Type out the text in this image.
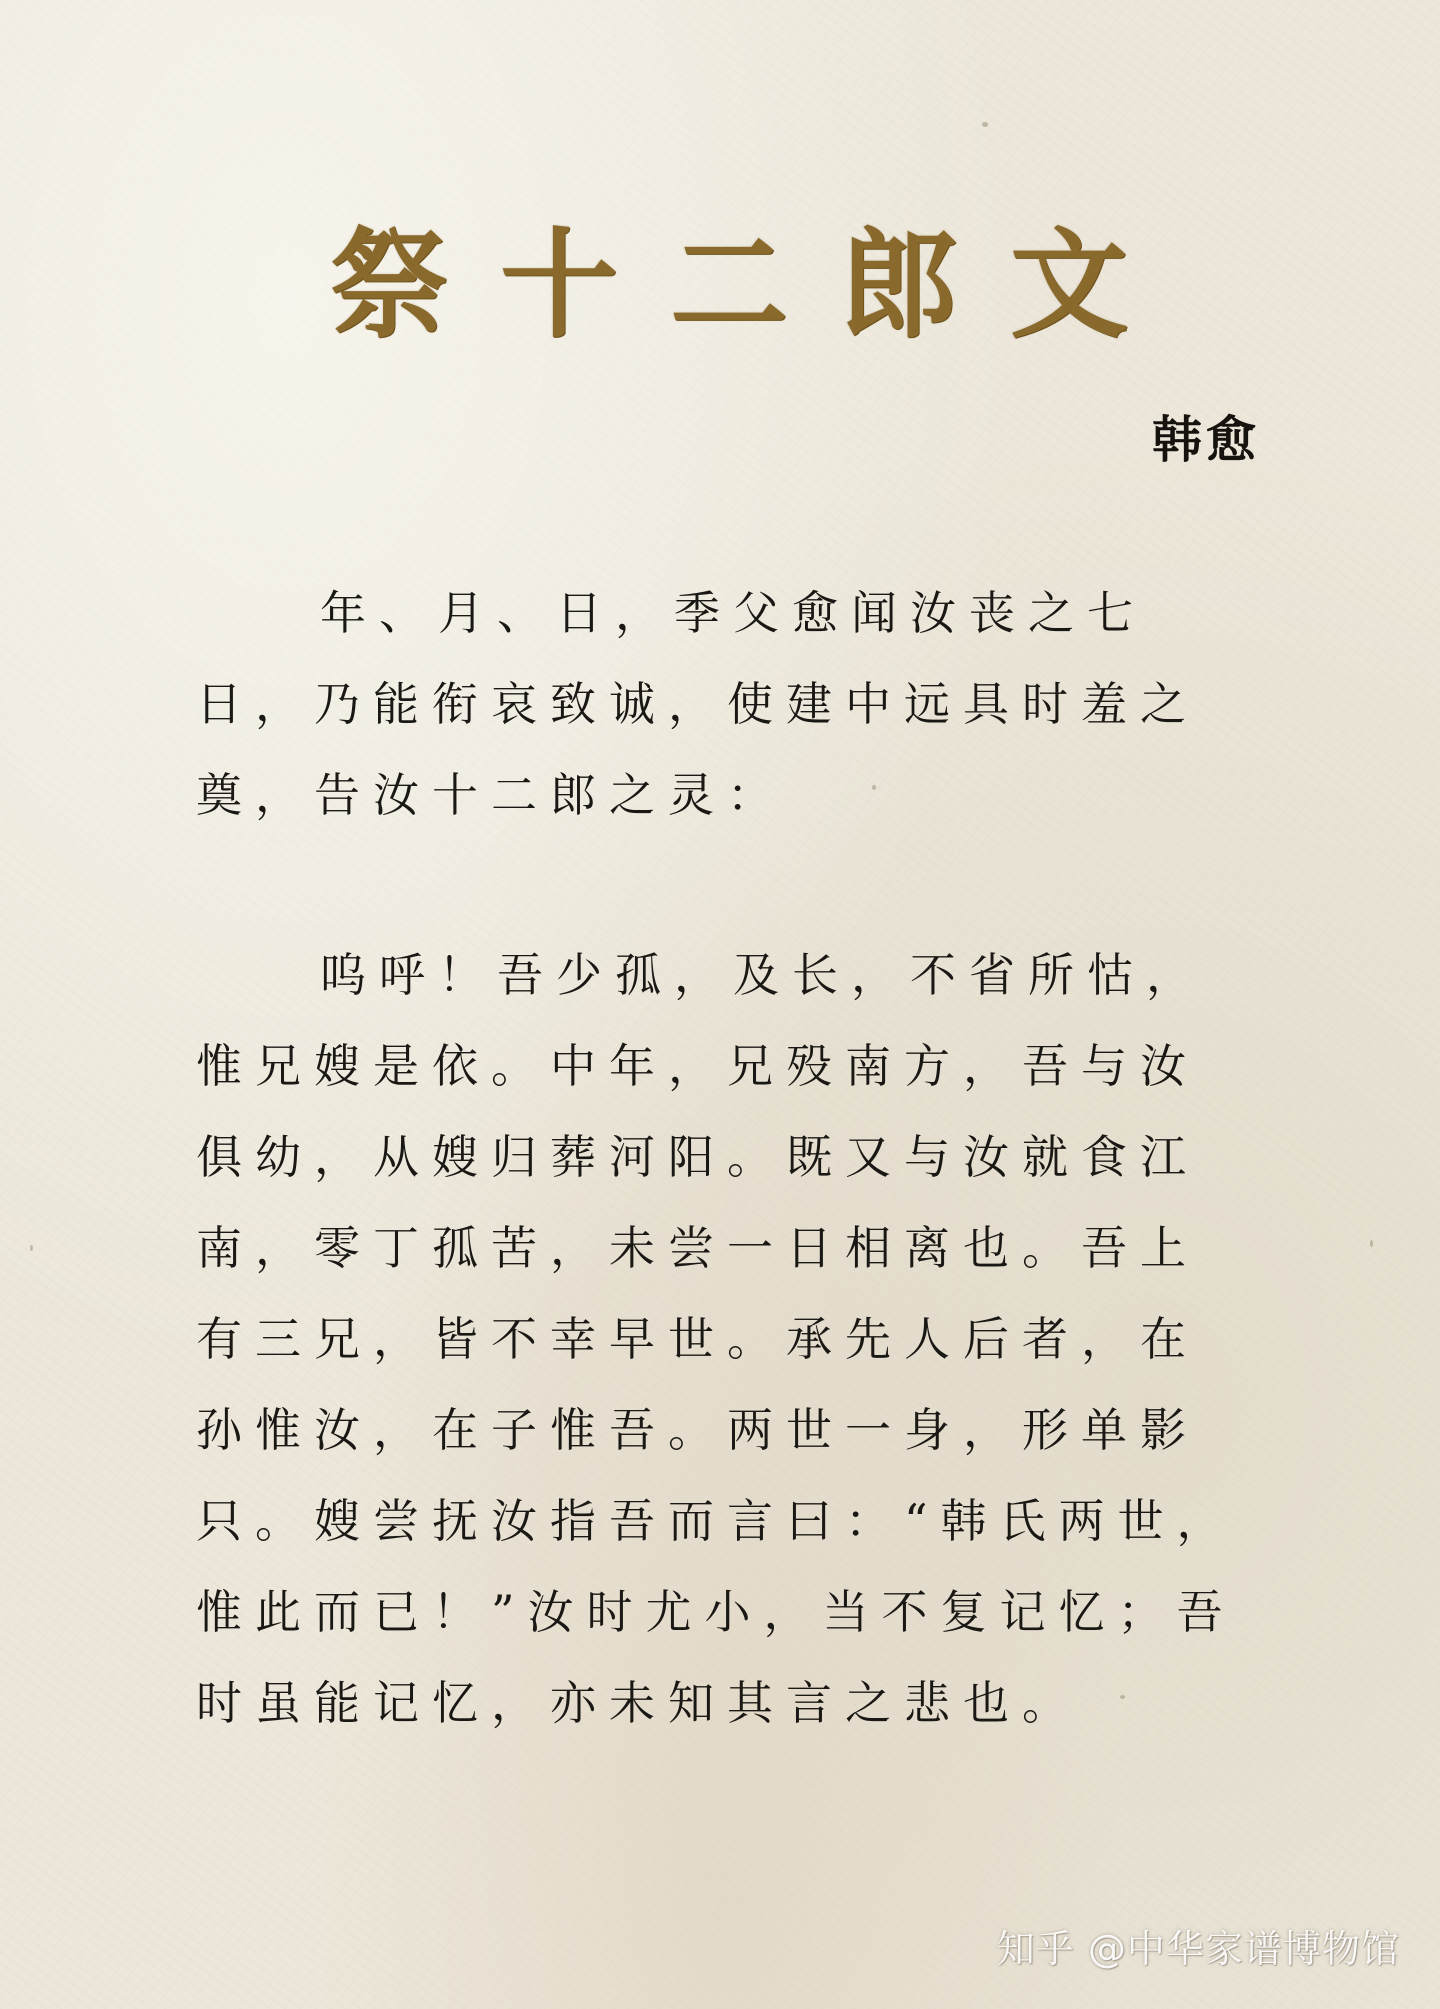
祭十二郎文
韩愈

年、月、日，季父愈闻汝丧之七日，乃能衔哀致诚，使建中远具时羞之奠，告汝十二郎之灵：

呜呼！吾少孤，及长，不省所怙，惟兄嫂是依。中年，兄殁南方，吾与汝俱幼，从嫂归葬河阳。既又与汝就食江南，零丁孤苦，未尝一日相离也。吾上有三兄，皆不幸早世。承先人后者，在孙惟汝，在子惟吾。两世一身，形单影只。嫂尝抚汝指吾而言曰：“韩氏两世，惟此而已！”汝时尤小，当不复记忆；吾时虽能记忆，亦未知其言之悲也。

知乎 @中华家谱博物馆
